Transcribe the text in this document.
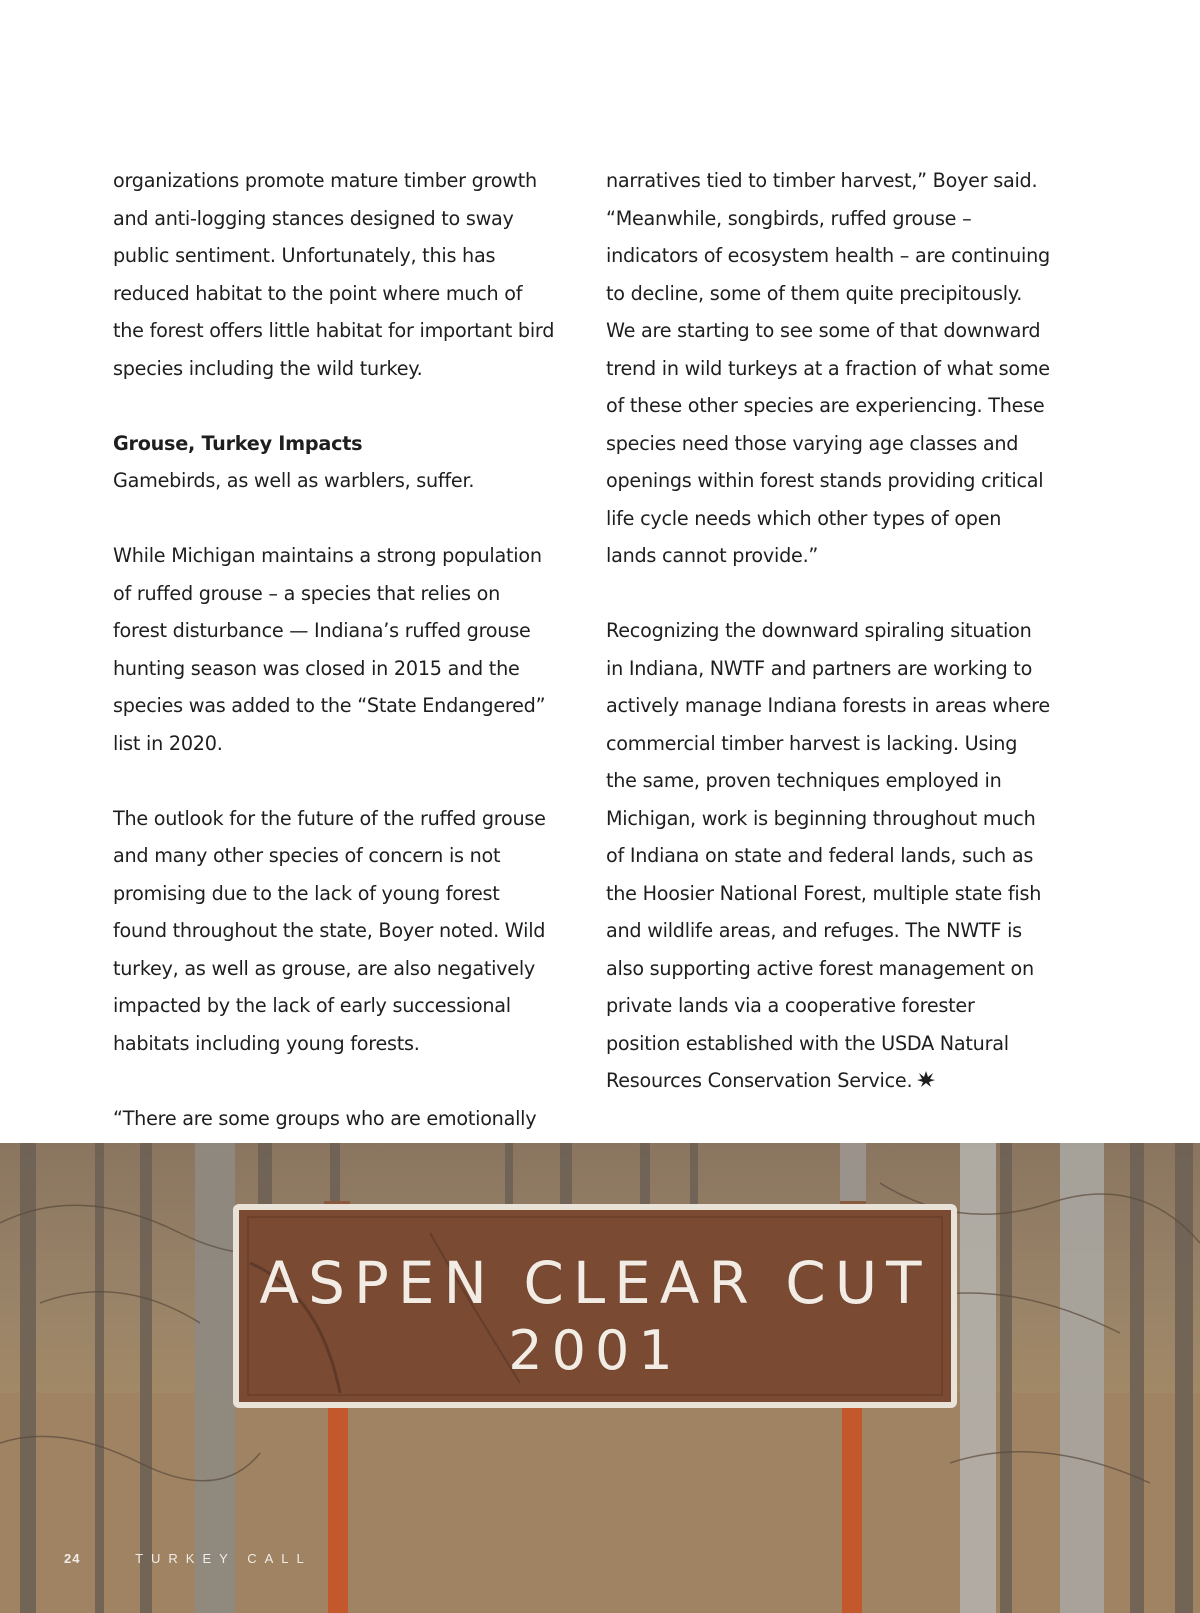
organizations promote mature timber growth and anti-logging stances designed to sway public sentiment. Unfortunately, this has reduced habitat to the point where much of the forest offers little habitat for important bird species including the wild turkey.

Grouse, Turkey Impacts

Gamebirds, as well as warblers, suffer.

While Michigan maintains a strong population of ruffed grouse – a species that relies on forest disturbance — Indiana’s ruffed grouse hunting season was closed in 2015 and the species was added to the “State Endangered” list in 2020.

The outlook for the future of the ruffed grouse and many other species of concern is not promising due to the lack of young forest found throughout the state, Boyer noted. Wild turkey, as well as grouse, are also negatively impacted by the lack of early successional habitats including young forests.

“There are some groups who are emotionally

narratives tied to timber harvest,” Boyer said. “Meanwhile, songbirds, ruffed grouse – indicators of ecosystem health – are continuing to decline, some of them quite precipitously. We are starting to see some of that downward trend in wild turkeys at a fraction of what some of these other species are experiencing. These species need those varying age classes and openings within forest stands providing critical life cycle needs which other types of open lands cannot provide.”

Recognizing the downward spiraling situation in Indiana, NWTF and partners are working to actively manage Indiana forests in areas where commercial timber harvest is lacking. Using the same, proven techniques employed in Michigan, work is beginning throughout much of Indiana on state and federal lands, such as the Hoosier National Forest, multiple state fish and wildlife areas, and refuges. The NWTF is also supporting active forest management on private lands via a cooperative forester position established with the USDA Natural Resources Conservation Service.

ASPEN CLEAR CUT
2001
24	TURKEY CALL
